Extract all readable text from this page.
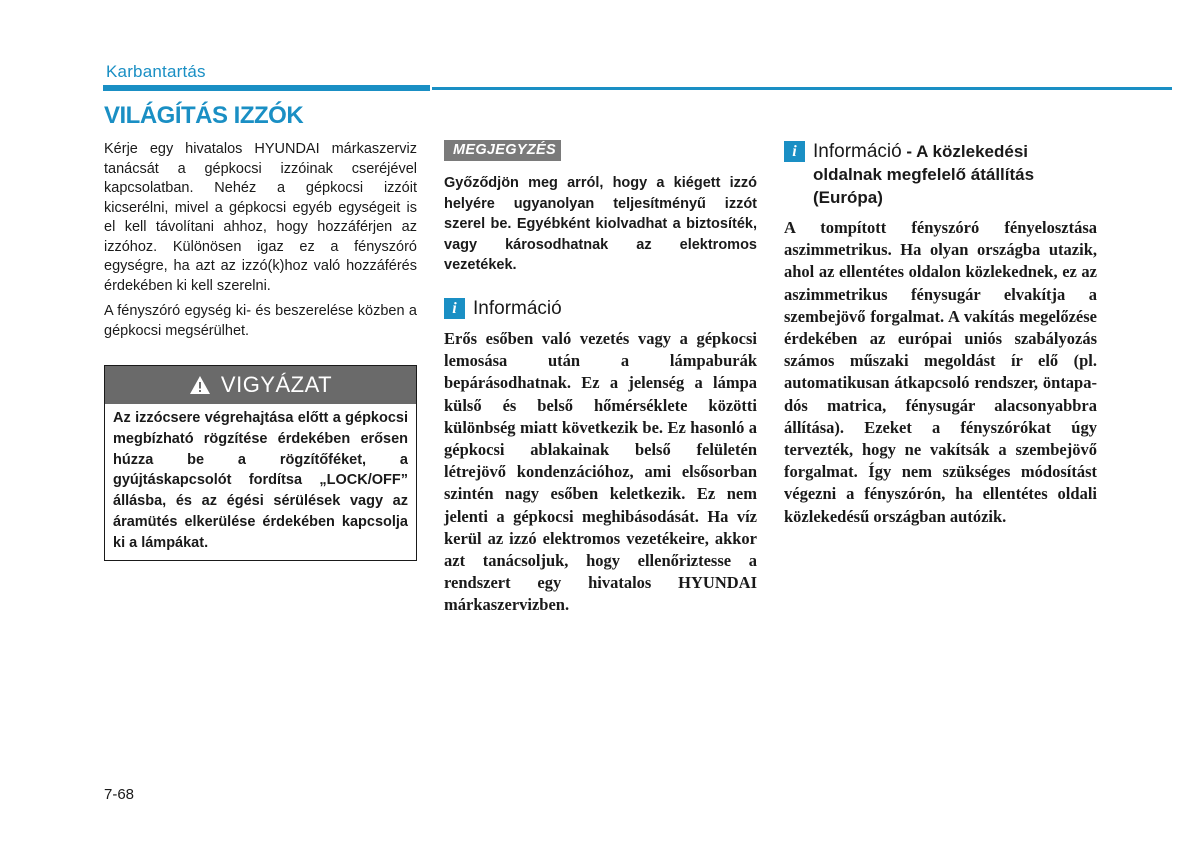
Karbantartás
VILÁGÍTÁS IZZÓK

Kérje egy hivatalos HYUNDAI márkaszerviz tanácsát a gépkocsi izzóinak cseréjével kapcsolatban. Nehéz a gépkocsi izzóit kicserélni, mivel a gépkocsi egyéb egységeit is el kell távolítani ahhoz, hogy hozzáférjen az izzóhoz. Különösen igaz ez a fényszóró egységre, ha azt az izzó(k)hoz való hozzáférés érdekében ki kell szerelni.

A fényszóró egység ki- és beszerelése közben a gépkocsi megsérülhet.

VIGYÁZAT
Az izzócsere végrehajtása előtt a gépkocsi megbízható rögzítése érdekében erősen húzza be a rögzítőféket, a gyújtáskapcsolót fordítsa „LOCK/OFF” állásba, és az égési sérülések vagy az áramütés elkerülése érdekében kapcsolja ki a lámpákat.
MEGJEGYZÉS
Győződjön meg arról, hogy a kiégett izzó helyére ugyanolyan teljesítményű izzót szerel be. Egyébként kiolvadhat a biztosíték, vagy károsodhatnak az elektromos vezetékek.
i Információ
Erős esőben való vezetés vagy a gépkocsi lemosása után a lámpaburák bepárásodhatnak. Ez a jelenség a lámpa külső és belső hőmérséklete közötti különbség miatt következik be. Ez hasonló a gépkocsi ablakainak belső felületén létrejövő kondenzációhoz, ami elsősorban szintén nagy esőben keletkezik. Ez nem jelenti a gépkocsi meghibásodását. Ha víz kerül az izzó elektromos vezetékeire, akkor azt tanácsoljuk, hogy ellenőriztesse a rendszert egy hivatalos HYUNDAI márkaszervizben.
i Információ - A közlekedési oldalnak megfelelő átállítás (Európa)
A tompított fényszóró fényelosztása aszimmetrikus. Ha olyan országba utazik, ahol az ellentétes oldalon közlekednek, ez az aszimmetrikus fénysugár elvakítja a szembejövő forgalmat. A vakítás megelőzése érdekében az európai uniós szabályozás számos műszaki megoldást ír elő (pl. automatikusan átkapcsoló rendszer, öntapadós matrica, fénysugár alacsonyabbra állítása). Ezeket a fényszórókat úgy tervezték, hogy ne vakítsák a szembejövő forgalmat. Így nem szükséges módosítást végezni a fényszórón, ha ellentétes oldali közlekedésű országban autózik.
7-68
